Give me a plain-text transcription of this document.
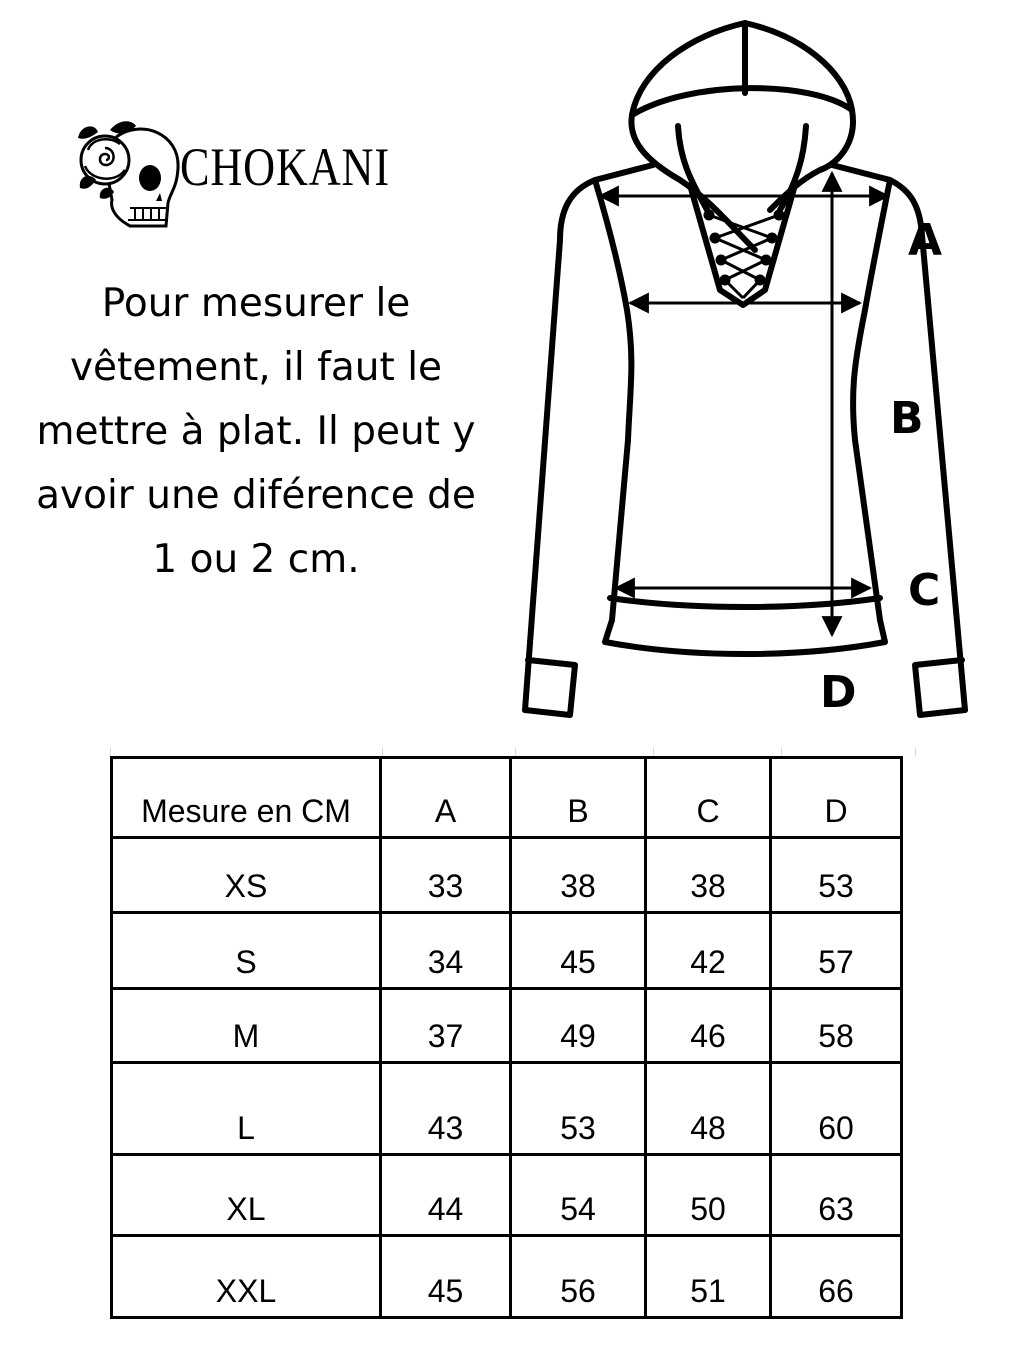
CHOKANI
Pour mesurer le
vêtement, il faut le
mettre à plat. Il peut y
avoir une diférence de
1 ou 2 cm.
A
B
C
D
Mesure en CM	A	B	C	D
XS	33	38	38	53
S	34	45	42	57
M	37	49	46	58
L	43	53	48	60
XL	44	54	50	63
XXL	45	56	51	66
